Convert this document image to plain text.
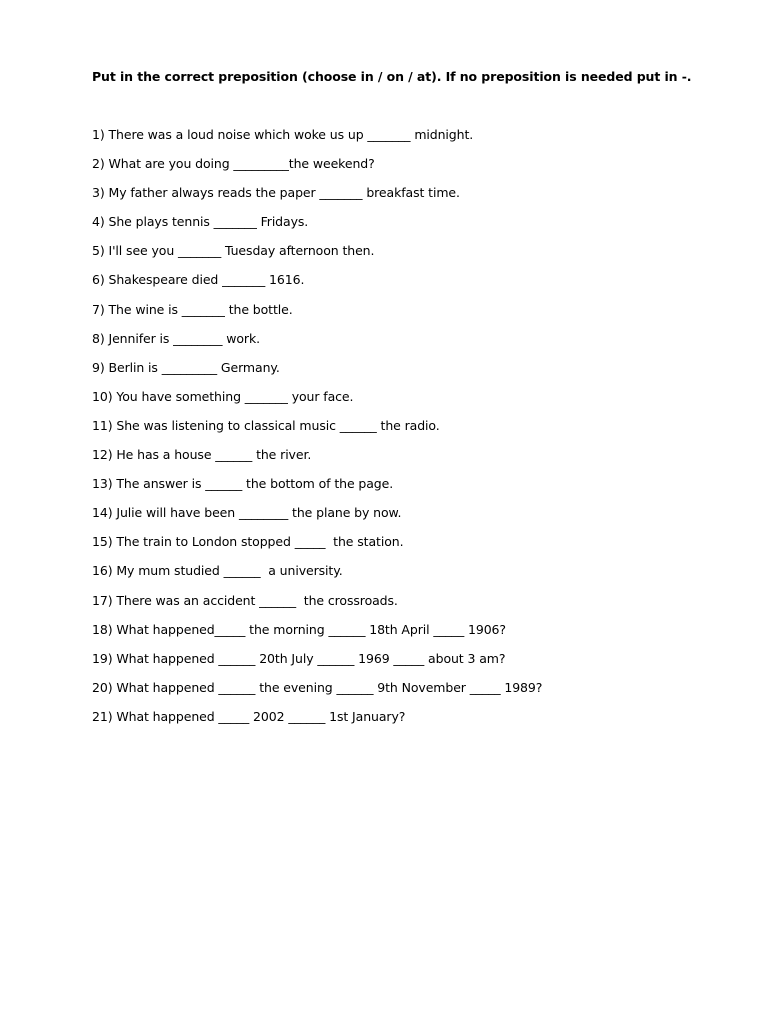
Put in the correct preposition (choose in / on / at). If no preposition is needed put in -.
1) There was a loud noise which woke us up _______ midnight.
2) What are you doing _________the weekend?
3) My father always reads the paper _______ breakfast time.
4) She plays tennis _______ Fridays.
5) I'll see you _______ Tuesday afternoon then.
6) Shakespeare died _______ 1616.
7) The wine is _______ the bottle.
8) Jennifer is ________ work.
9) Berlin is _________ Germany.
10) You have something _______ your face.
11) She was listening to classical music ______ the radio.
12) He has a house ______ the river.
13) The answer is ______ the bottom of the page.
14) Julie will have been ________ the plane by now.
15) The train to London stopped _____  the station.
16) My mum studied ______  a university.
17) There was an accident ______  the crossroads.
18) What happened_____ the morning ______ 18th April _____ 1906?
19) What happened ______ 20th July ______ 1969 _____ about 3 am?
20) What happened ______ the evening ______ 9th November _____ 1989?
21) What happened _____ 2002 ______ 1st January?
